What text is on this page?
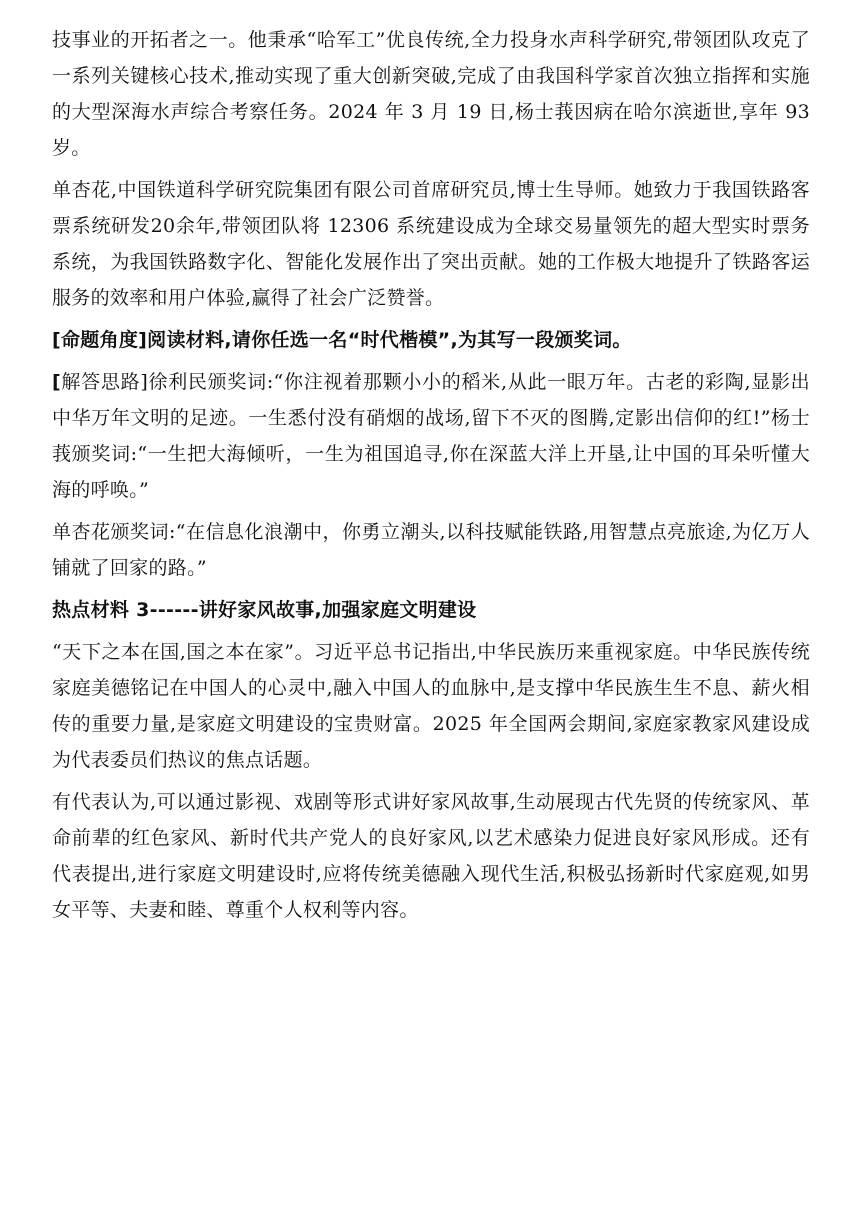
技事业的开拓者之一。他秉承“哈军工”优良传统,全力投身水声科学研究,带领团队攻克了一系列关键核心技术,推动实现了重大创新突破,完成了由我国科学家首次独立指挥和实施的大型深海水声综合考察任务。2024 年 3 月 19 日,杨士莪因病在哈尔滨逝世,享年 93 岁。

单杏花,中国铁道科学研究院集团有限公司首席研究员,博士生导师。她致力于我国铁路客票系统研发20余年,带领团队将 12306 系统建设成为全球交易量领先的超大型实时票务系统，为我国铁路数字化、智能化发展作出了突出贡献。她的工作极大地提升了铁路客运服务的效率和用户体验,赢得了社会广泛赞誉。

[命题角度]阅读材料,请你任选一名“时代楷模”,为其写一段颁奖词。

[解答思路]徐利民颁奖词:“你注视着那颗小小的稻米,从此一眼万年。古老的彩陶,显影出中华万年文明的足迹。一生悉付没有硝烟的战场,留下不灭的图腾,定影出信仰的红!”杨士莪颁奖词:“一生把大海倾听，一生为祖国追寻,你在深蓝大洋上开垦,让中国的耳朵听懂大海的呼唤。”

单杏花颁奖词:“在信息化浪潮中，你勇立潮头,以科技赋能铁路,用智慧点亮旅途,为亿万人铺就了回家的路。”

热点材料 3------讲好家风故事,加强家庭文明建设

“天下之本在国,国之本在家”。习近平总书记指出,中华民族历来重视家庭。中华民族传统家庭美德铭记在中国人的心灵中,融入中国人的血脉中,是支撑中华民族生生不息、薪火相传的重要力量,是家庭文明建设的宝贵财富。2025 年全国两会期间,家庭家教家风建设成为代表委员们热议的焦点话题。

有代表认为,可以通过影视、戏剧等形式讲好家风故事,生动展现古代先贤的传统家风、革命前辈的红色家风、新时代共产党人的良好家风,以艺术感染力促进良好家风形成。还有代表提出,进行家庭文明建设时,应将传统美德融入现代生活,积极弘扬新时代家庭观,如男女平等、夫妻和睦、尊重个人权利等内容。
